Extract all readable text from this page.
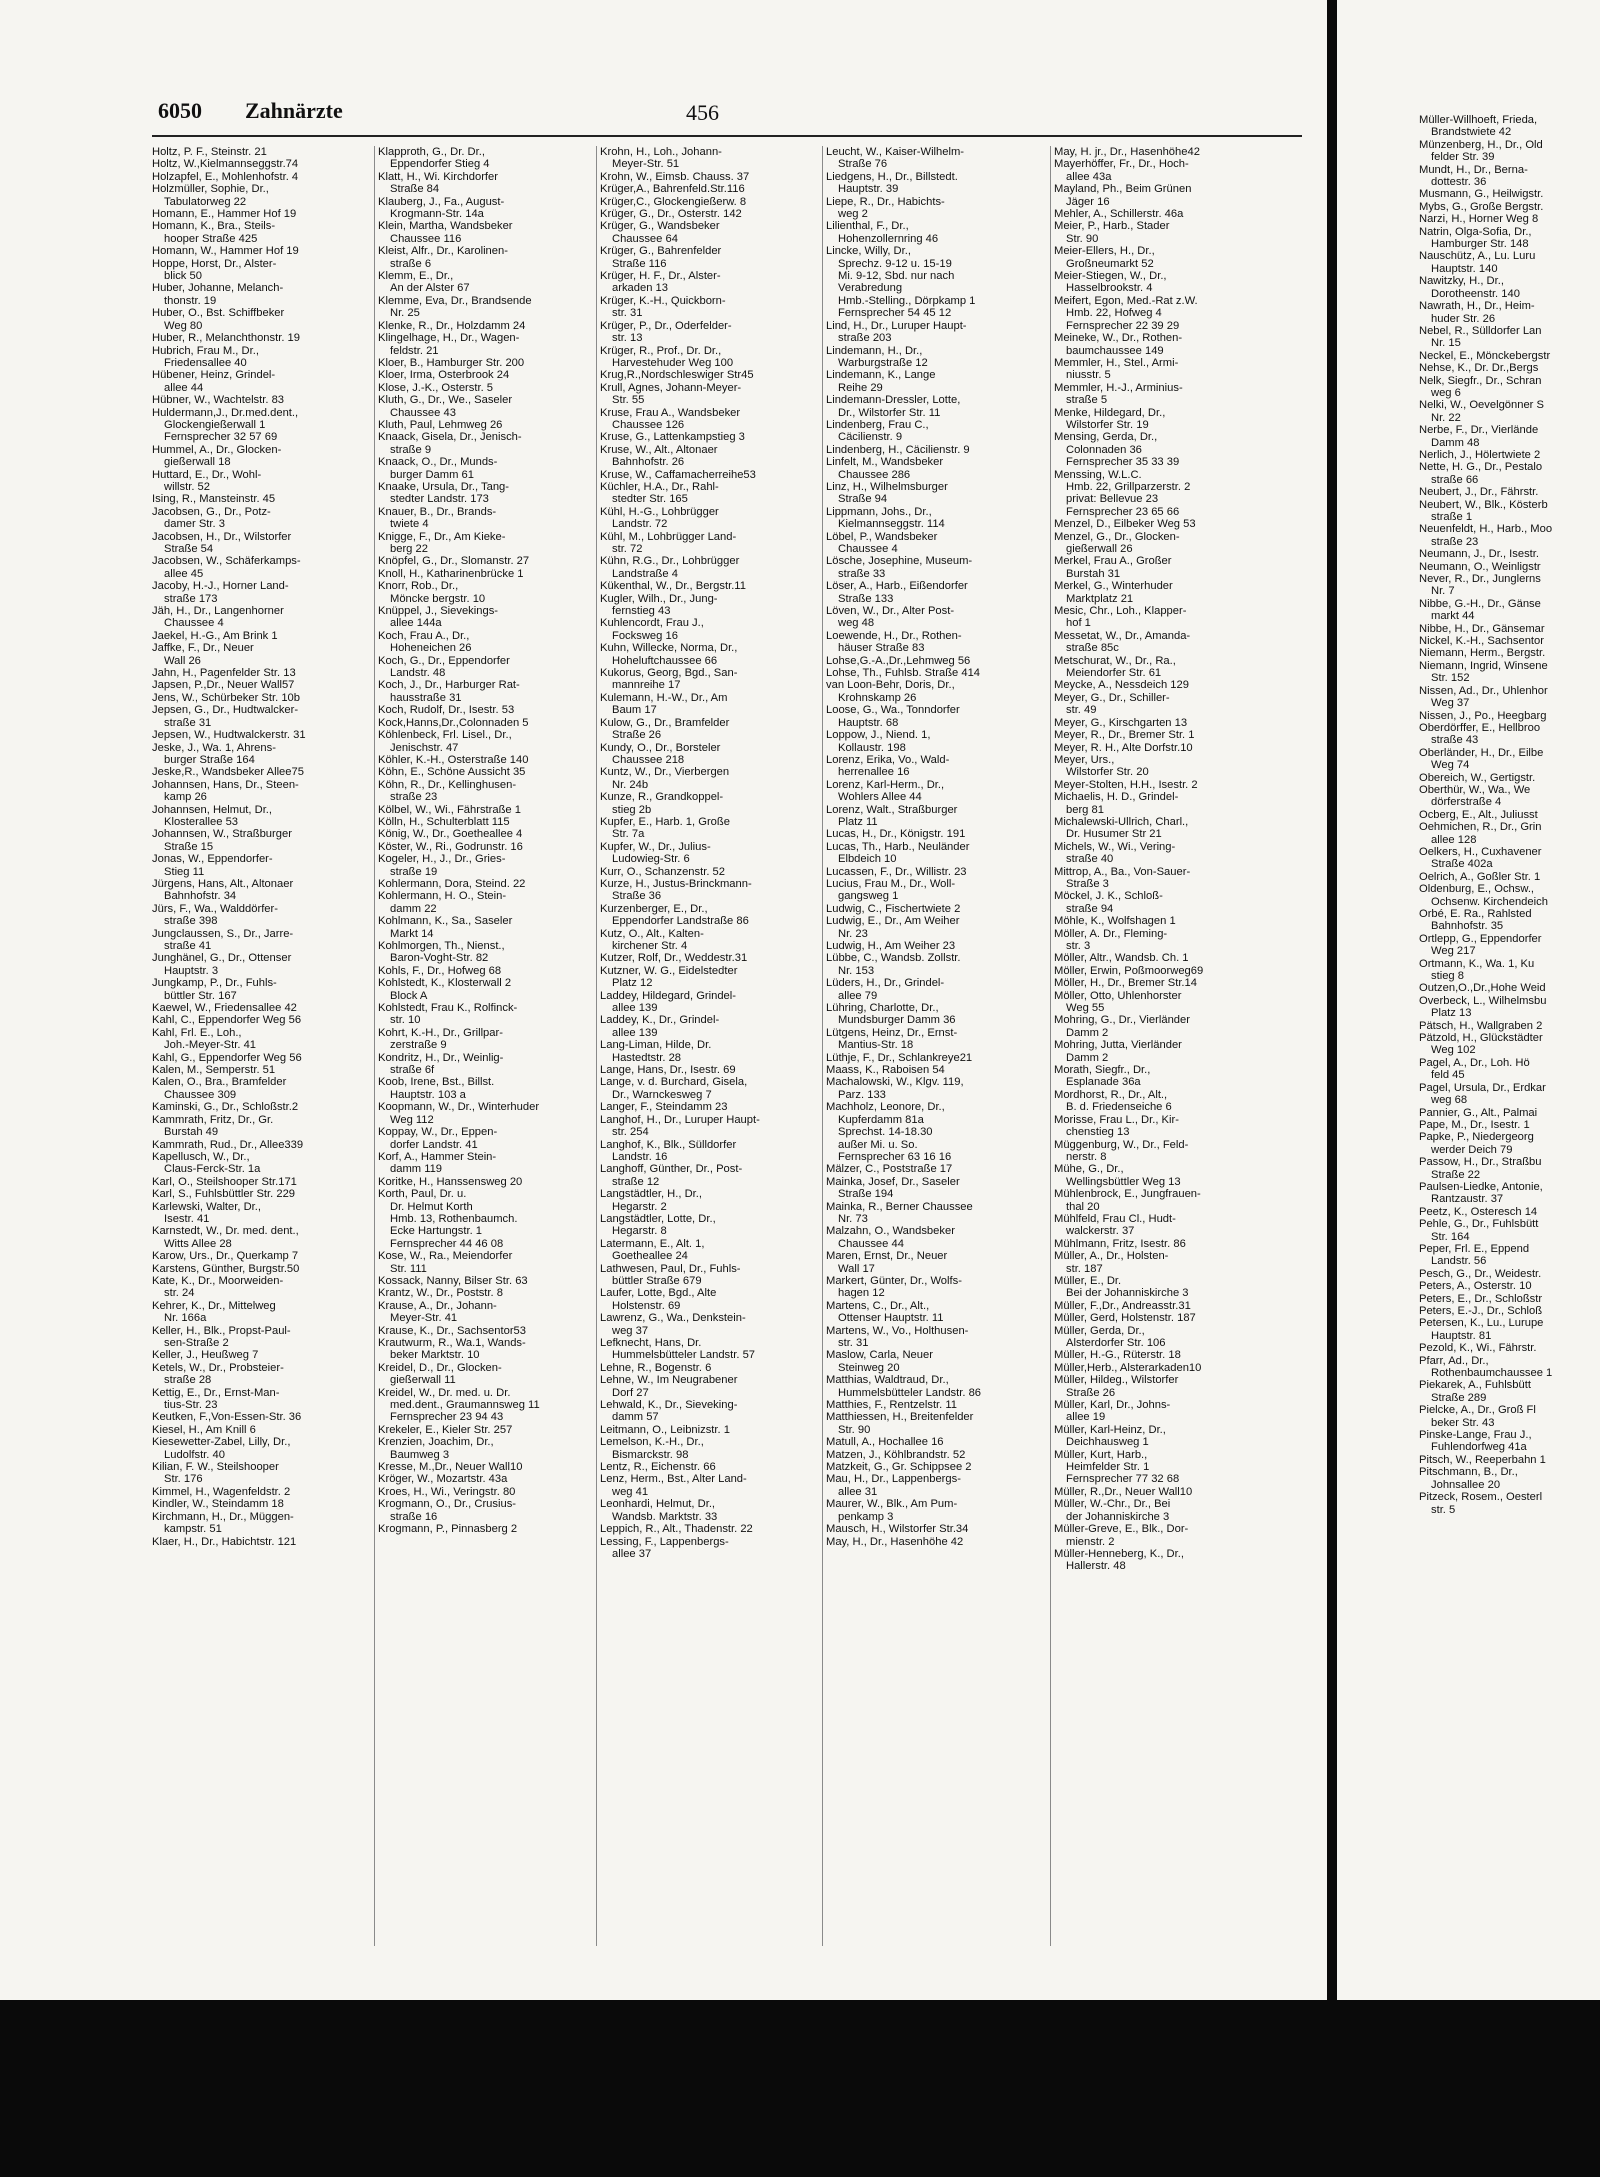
6050 Zahnärzte	456
Holtz, P. F., Steinstr. 21
Holtz, W.,Kielmannseggstr.74
Holzapfel, E., Mohlenhofstr. 4
Holzmüller, Sophie, Dr.,
Tabulatorweg 22
Homann, E., Hammer Hof 19
Homann, K., Bra., Steils-
hooper Straße 425
Homann, W., Hammer Hof 19
Hoppe, Horst, Dr., Alster-
blick 50
Huber, Johanne, Melanch-
thonstr. 19
Huber, O., Bst. Schiffbeker
Weg 80
Huber, R., Melanchthonstr. 19
Hubrich, Frau M., Dr.,
Friedensallee 40
Hübener, Heinz, Grindel-
allee 44
Hübner, W., Wachtelstr. 83
Huldermann,J., Dr.med.dent.,
Glockengießerwall 1
Fernsprecher 32 57 69
Hummel, A., Dr., Glocken-
gießerwall 18
Huttard, E., Dr., Wohl-
willstr. 52
Ising, R., Mansteinstr. 45
Jacobsen, G., Dr., Potz-
damer Str. 3
Jacobsen, H., Dr., Wilstorfer
Straße 54
Jacobsen, W., Schäferkamps-
allee 45
Jacoby, H.-J., Horner Land-
straße 173
Jäh, H., Dr., Langenhorner
Chaussee 4
Jaekel, H.-G., Am Brink 1
Jaffke, F., Dr., Neuer
Wall 26
Jahn, H., Pagenfelder Str. 13
Japsen, P.,Dr., Neuer Wall57
Jens, W., Schürbeker Str. 10b
Jepsen, G., Dr., Hudtwalcker-
straße 31
Jepsen, W., Hudtwalckerstr. 31
Jeske, J., Wa. 1, Ahrens-
burger Straße 164
Jeske,R., Wandsbeker Allee75
Johannsen, Hans, Dr., Steen-
kamp 26
Johannsen, Helmut, Dr.,
Klosterallee 53
Johannsen, W., Straßburger
Straße 15
Jonas, W., Eppendorfer-
Stieg 11
Jürgens, Hans, Alt., Altonaer
Bahnhofstr. 34
Jürs, F., Wa., Walddörfer-
straße 398
Jungclaussen, S., Dr., Jarre-
straße 41
Junghänel, G., Dr., Ottenser
Hauptstr. 3
Jungkamp, P., Dr., Fuhls-
büttler Str. 167
Kaewel, W., Friedensallee 42
Kahl, C., Eppendorfer Weg 56
Kahl, Frl. E., Loh.,
Joh.-Meyer-Str. 41
Kahl, G., Eppendorfer Weg 56
Kalen, M., Semperstr. 51
Kalen, O., Bra., Bramfelder
Chaussee 309
Kaminski, G., Dr., Schloßstr.2
Kammrath, Fritz, Dr., Gr.
Burstah 49
Kammrath, Rud., Dr., Allee339
Kapellusch, W., Dr.,
Claus-Ferck-Str. 1a
Karl, O., Steilshooper Str.171
Karl, S., Fuhlsbüttler Str. 229
Karlewski, Walter, Dr.,
Isestr. 41
Karnstedt, W., Dr. med. dent.,
Witts Allee 28
Karow, Urs., Dr., Querkamp 7
Karstens, Günther, Burgstr.50
Kate, K., Dr., Moorweiden-
str. 24
Kehrer, K., Dr., Mittelweg
Nr. 166a
Keller, H., Blk., Propst-Paul-
sen-Straße 2
Keller, J., Heußweg 7
Ketels, W., Dr., Probsteier-
straße 28
Kettig, E., Dr., Ernst-Man-
tius-Str. 23
Keutken, F.,Von-Essen-Str. 36
Kiesel, H., Am Knill 6
Kiesewetter-Zabel, Lilly, Dr.,
Ludolfstr. 40
Kilian, F. W., Steilshooper
Str. 176
Kimmel, H., Wagenfeldstr. 2
Kindler, W., Steindamm 18
Kirchmann, H., Dr., Müggen-
kampstr. 51
Klaer, H., Dr., Habichtstr. 121
Klapproth, G., Dr. Dr.,
Eppendorfer Stieg 4
Klatt, H., Wi. Kirchdorfer
Straße 84
Klauberg, J., Fa., August-
Krogmann-Str. 14a
Klein, Martha, Wandsbeker
Chaussee 116
Kleist, Alfr., Dr., Karolinen-
straße 6
Klemm, E., Dr.,
An der Alster 67
Klemme, Eva, Dr., Brandsende
Nr. 25
Klenke, R., Dr., Holzdamm 24
Klingelhage, H., Dr., Wagen-
feldstr. 21
Kloer, B., Hamburger Str. 200
Kloer, Irma, Osterbrook 24
Klose, J.-K., Osterstr. 5
Kluth, G., Dr., We., Saseler
Chaussee 43
Kluth, Paul, Lehmweg 26
Knaack, Gisela, Dr., Jenisch-
straße 9
Knaack, O., Dr., Munds-
burger Damm 61
Knaake, Ursula, Dr., Tang-
stedter Landstr. 173
Knauer, B., Dr., Brands-
twiete 4
Knigge, F., Dr., Am Kieke-
berg 22
Knöpfel, G., Dr., Slomanstr. 27
Knoll, H., Katharinenbrücke 1
Knorr, Rob., Dr.,
Möncke bergstr. 10
Knüppel, J., Sievekings-
allee 144a
Koch, Frau A., Dr.,
Hoheneichen 26
Koch, G., Dr., Eppendorfer
Landstr. 48
Koch, J., Dr., Harburger Rat-
hausstraße 31
Koch, Rudolf, Dr., Isestr. 53
Kock,Hanns,Dr.,Colonnaden 5
Köhlenbeck, Frl. Lisel., Dr.,
Jenischstr. 47
Köhler, K.-H., Osterstraße 140
Köhn, E., Schöne Aussicht 35
Köhn, R., Dr., Kellinghusen-
straße 23
Kölbel, W., Wi., Fährstraße 1
Kölln, H., Schulterblatt 115
König, W., Dr., Goetheallee 4
Köster, W., Ri., Godrunstr. 16
Kogeler, H., J., Dr., Gries-
straße 19
Kohlermann, Dora, Steind. 22
Kohlermann, H. O., Stein-
damm 22
Kohlmann, K., Sa., Saseler
Markt 14
Kohlmorgen, Th., Nienst.,
Baron-Voght-Str. 82
Kohls, F., Dr., Hofweg 68
Kohlstedt, K., Klosterwall 2
Block A
Kohlstedt, Frau K., Rolfinck-
str. 10
Kohrt, K.-H., Dr., Grillpar-
zerstraße 9
Kondritz, H., Dr., Weinlig-
straße 6f
Koob, Irene, Bst., Billst.
Hauptstr. 103 a
Koopmann, W., Dr., Winterhuder
Weg 112
Koppay, W., Dr., Eppen-
dorfer Landstr. 41
Korf, A., Hammer Stein-
damm 119
Koritke, H., Hanssensweg 20
Korth, Paul, Dr. u.
Dr. Helmut Korth
Hmb. 13, Rothenbaumch.
Ecke Hartungstr. 1
Fernsprecher 44 46 08
Kose, W., Ra., Meiendorfer
Str. 111
Kossack, Nanny, Bilser Str. 63
Krantz, W., Dr., Poststr. 8
Krause, A., Dr., Johann-
Meyer-Str. 41
Krause, K., Dr., Sachsentor53
Krautwurm, R., Wa.1, Wands-
beker Marktstr. 10
Kreidel, D., Dr., Glocken-
gießerwall 11
Kreidel, W., Dr. med. u. Dr.
med.dent., Graumannsweg 11
Fernsprecher 23 94 43
Krekeler, E., Kieler Str. 257
Krenzien, Joachim, Dr.,
Baumweg 3
Kresse, M.,Dr., Neuer Wall10
Kröger, W., Mozartstr. 43a
Kroes, H., Wi., Veringstr. 80
Krogmann, O., Dr., Crusius-
straße 16
Krogmann, P., Pinnasberg 2
Krohn, H., Loh., Johann-
Meyer-Str. 51
Krohn, W., Eimsb. Chauss. 37
Krüger,A., Bahrenfeld.Str.116
Krüger,C., Glockengießerw. 8
Krüger, G., Dr., Osterstr. 142
Krüger, G., Wandsbeker
Chaussee 64
Krüger, G., Bahrenfelder
Straße 116
Krüger, H. F., Dr., Alster-
arkaden 13
Krüger, K.-H., Quickborn-
str. 31
Krüger, P., Dr., Oderfelder-
str. 13
Krüger, R., Prof., Dr. Dr.,
Harvestehuder Weg 100
Krug,R.,Nordschleswiger Str45
Krull, Agnes, Johann-Meyer-
Str. 55
Kruse, Frau A., Wandsbeker
Chaussee 126
Kruse, G., Lattenkampstieg 3
Kruse, W., Alt., Altonaer
Bahnhofstr. 26
Kruse, W., Caffamacherreihe53
Küchler, H.A., Dr., Rahl-
stedter Str. 165
Kühl, H.-G., Lohbrügger
Landstr. 72
Kühl, M., Lohbrügger Land-
str. 72
Kühn, R.G., Dr., Lohbrügger
Landstraße 4
Kükenthal, W., Dr., Bergstr.11
Kugler, Wilh., Dr., Jung-
fernstieg 43
Kuhlencordt, Frau J.,
Focksweg 16
Kuhn, Willecke, Norma, Dr.,
Hoheluftchaussee 66
Kukorus, Georg, Bgd., San-
mannreihe 17
Kulemann, H.-W., Dr., Am
Baum 17
Kulow, G., Dr., Bramfelder
Straße 26
Kundy, O., Dr., Borsteler
Chaussee 218
Kuntz, W., Dr., Vierbergen
Nr. 24b
Kunze, R., Grandkoppel-
stieg 2b
Kupfer, E., Harb. 1, Große
Str. 7a
Kupfer, W., Dr., Julius-
Ludowieg-Str. 6
Kurr, O., Schanzenstr. 52
Kurze, H., Justus-Brinckmann-
Straße 36
Kurzenberger, E., Dr.,
Eppendorfer Landstraße 86
Kutz, O., Alt., Kalten-
kirchener Str. 4
Kutzer, Rolf, Dr., Weddestr.31
Kutzner, W. G., Eidelstedter
Platz 12
Laddey, Hildegard, Grindel-
allee 139
Laddey, K., Dr., Grindel-
allee 139
Lang-Liman, Hilde, Dr.
Hastedtstr. 28
Lange, Hans, Dr., Isestr. 69
Lange, v. d. Burchard, Gisela,
Dr., Warnckesweg 7
Langer, F., Steindamm 23
Langhof, H., Dr., Luruper Haupt-
str. 254
Langhof, K., Blk., Sülldorfer
Landstr. 16
Langhoff, Günther, Dr., Post-
straße 12
Langstädtler, H., Dr.,
Hegarstr. 2
Langstädtler, Lotte, Dr.,
Hegarstr. 8
Latermann, E., Alt. 1,
Goetheallee 24
Lathwesen, Paul, Dr., Fuhls-
büttler Straße 679
Laufer, Lotte, Bgd., Alte
Holstenstr. 69
Lawrenz, G., Wa., Denkstein-
weg 37
Lefknecht, Hans, Dr.
Hummelsbütteler Landstr. 57
Lehne, R., Bogenstr. 6
Lehne, W., Im Neugrabener
Dorf 27
Lehwald, K., Dr., Sieveking-
damm 57
Leitmann, O., Leibnizstr. 1
Lemelson, K.-H., Dr.,
Bismarckstr. 98
Lentz, R., Eichenstr. 66
Lenz, Herm., Bst., Alter Land-
weg 41
Leonhardi, Helmut, Dr.,
Wandsb. Marktstr. 33
Leppich, R., Alt., Thadenstr. 22
Lessing, F., Lappenbergs-
allee 37
Leucht, W., Kaiser-Wilhelm-
Straße 76
Liedgens, H., Dr., Billstedt.
Hauptstr. 39
Liepe, R., Dr., Habichts-
weg 2
Lilienthal, F., Dr.,
Hohenzollernring 46
Lincke, Willy, Dr.,
Sprechz. 9-12 u. 15-19
Mi. 9-12, Sbd. nur nach
Verabredung
Hmb.-Stelling., Dörpkamp 1
Fernsprecher 54 45 12
Lind, H., Dr., Luruper Haupt-
straße 203
Lindemann, H., Dr.,
Warburgstraße 12
Lindemann, K., Lange
Reihe 29
Lindemann-Dressler, Lotte,
Dr., Wilstorfer Str. 11
Lindenberg, Frau C.,
Cäcilienstr. 9
Lindenberg, H., Cäcilienstr. 9
Linfelt, M., Wandsbeker
Chaussee 286
Linz, H., Wilhelmsburger
Straße 94
Lippmann, Johs., Dr.,
Kielmannseggstr. 114
Löbel, P., Wandsbeker
Chaussee 4
Lösche, Josephine, Museum-
straße 33
Löser, A., Harb., Eißendorfer
Straße 133
Löven, W., Dr., Alter Post-
weg 48
Loewende, H., Dr., Rothen-
häuser Straße 83
Lohse,G.-A.,Dr.,Lehmweg 56
Lohse, Th., Fuhlsb. Straße 414
van Loon-Behr, Doris, Dr.,
Krohnskamp 26
Loose, G., Wa., Tonndorfer
Hauptstr. 68
Loppow, J., Niend. 1,
Kollaustr. 198
Lorenz, Erika, Vo., Wald-
herrenallee 16
Lorenz, Karl-Herm., Dr.,
Wohlers Allee 44
Lorenz, Walt., Straßburger
Platz 11
Lucas, H., Dr., Königstr. 191
Lucas, Th., Harb., Neuländer
Elbdeich 10
Lucassen, F., Dr., Willistr. 23
Lucius, Frau M., Dr., Woll-
gangsweg 1
Ludwig, C., Fischertwiete 2
Ludwig, E., Dr., Am Weiher
Nr. 23
Ludwig, H., Am Weiher 23
Lübbe, C., Wandsb. Zollstr.
Nr. 153
Lüders, H., Dr., Grindel-
allee 79
Lühring, Charlotte, Dr.,
Mundsburger Damm 36
Lütgens, Heinz, Dr., Ernst-
Mantius-Str. 18
Lüthje, F., Dr., Schlankreye21
Maass, K., Raboisen 54
Machalowski, W., Klgv. 119,
Parz. 133
Machholz, Leonore, Dr.,
Kupferdamm 81a
Sprechst. 14-18.30
außer Mi. u. So.
Fernsprecher 63 16 16
Mälzer, C., Poststraße 17
Mainka, Josef, Dr., Saseler
Straße 194
Mainka, R., Berner Chaussee
Nr. 73
Malzahn, O., Wandsbeker
Chaussee 44
Maren, Ernst, Dr., Neuer
Wall 17
Markert, Günter, Dr., Wolfs-
hagen 12
Martens, C., Dr., Alt.,
Ottenser Hauptstr. 11
Martens, W., Vo., Holthusen-
str. 31
Maslow, Carla, Neuer
Steinweg 20
Matthias, Waldtraud, Dr.,
Hummelsbütteler Landstr. 86
Matthies, F., Rentzelstr. 11
Matthiessen, H., Breitenfelder
Str. 90
Matull, A., Hochallee 16
Matzen, J., Köhlbrandstr. 52
Matzkeit, G., Gr. Schippsee 2
Mau, H., Dr., Lappenbergs-
allee 31
Maurer, W., Blk., Am Pum-
penkamp 3
Mausch, H., Wilstorfer Str.34
May, H., Dr., Hasenhöhe 42
May, H. jr., Dr., Hasenhöhe42
Mayerhöffer, Fr., Dr., Hoch-
allee 43a
Mayland, Ph., Beim Grünen
Jäger 16
Mehler, A., Schillerstr. 46a
Meier, P., Harb., Stader
Str. 90
Meier-Ellers, H., Dr.,
Großneumarkt 52
Meier-Stiegen, W., Dr.,
Hasselbrookstr. 4
Meifert, Egon, Med.-Rat z.W.
Hmb. 22, Hofweg 4
Fernsprecher 22 39 29
Meineke, W., Dr., Rothen-
baumchaussee 149
Memmler, H., Stel., Armi-
niusstr. 5
Memmler, H.-J., Arminius-
straße 5
Menke, Hildegard, Dr.,
Wilstorfer Str. 19
Mensing, Gerda, Dr.,
Colonnaden 36
Fernsprecher 35 33 39
Menssing, W.L.C.
Hmb. 22, Grillparzerstr. 2
privat: Bellevue 23
Fernsprecher 23 65 66
Menzel, D., Eilbeker Weg 53
Menzel, G., Dr., Glocken-
gießerwall 26
Merkel, Frau A., Großer
Burstah 31
Merkel, G., Winterhuder
Marktplatz 21
Mesic, Chr., Loh., Klapper-
hof 1
Messetat, W., Dr., Amanda-
straße 85c
Metschurat, W., Dr., Ra.,
Meiendorfer Str. 61
Meycke, A., Nessdeich 129
Meyer, G., Dr., Schiller-
str. 49
Meyer, G., Kirschgarten 13
Meyer, R., Dr., Bremer Str. 1
Meyer, R. H., Alte Dorfstr.10
Meyer, Urs.,
Wilstorfer Str. 20
Meyer-Stolten, H.H., Isestr. 2
Michaelis, H. D., Grindel-
berg 81
Michalewski-Ullrich, Charl.,
Dr. Husumer Str 21
Michels, W., Wi., Vering-
straße 40
Mittrop, A., Ba., Von-Sauer-
Straße 3
Möckel, J. K., Schloß-
straße 94
Möhle, K., Wolfshagen 1
Möller, A. Dr., Fleming-
str. 3
Möller, Altr., Wandsb. Ch. 1
Möller, Erwin, Poßmoorweg69
Möller, H., Dr., Bremer Str.14
Möller, Otto, Uhlenhorster
Weg 55
Mohring, G., Dr., Vierländer
Damm 2
Mohring, Jutta, Vierländer
Damm 2
Morath, Siegfr., Dr.,
Esplanade 36a
Mordhorst, R., Dr., Alt.,
B. d. Friedenseiche 6
Morisse, Frau L., Dr., Kir-
chenstieg 13
Müggenburg, W., Dr., Feld-
nerstr. 8
Mühe, G., Dr.,
Wellingsbüttler Weg 13
Mühlenbrock, E., Jungfrauen-
thal 20
Mühlfeld, Frau Cl., Hudt-
walckerstr. 37
Mühlmann, Fritz, Isestr. 86
Müller, A., Dr., Holsten-
str. 187
Müller, E., Dr.
Bei der Johanniskirche 3
Müller, F.,Dr., Andreasstr.31
Müller, Gerd, Holstenstr. 187
Müller, Gerda, Dr.,
Alsterdorfer Str. 106
Müller, H.-G., Rüterstr. 18
Müller,Herb., Alsterarkaden10
Müller, Hildeg., Wilstorfer
Straße 26
Müller, Karl, Dr., Johns-
allee 19
Müller, Karl-Heinz, Dr.,
Deichhausweg 1
Müller, Kurt, Harb.,
Heimfelder Str. 1
Fernsprecher 77 32 68
Müller, R.,Dr., Neuer Wall10
Müller, W.-Chr., Dr., Bei
der Johanniskirche 3
Müller-Greve, E., Blk., Dor-
mienstr. 2
Müller-Henneberg, K., Dr.,
Hallerstr. 48
Müller-Willhoeft, Frieda,
Brandstwiete 42
Münzenberg, H., Dr., Old
felder Str. 39
Mundt, H., Dr., Berna-
dottestr. 36
Musmann, G., Heilwigstr.
Mybs, G., Große Bergstr.
Narzi, H., Horner Weg 8
Natrin, Olga-Sofia, Dr.,
Hamburger Str. 148
Nauschütz, A., Lu. Luru
Hauptstr. 140
Nawitzky, H., Dr.,
Dorotheenstr. 140
Nawrath, H., Dr., Heim-
huder Str. 26
Nebel, R., Sülldorfer Lan
Nr. 15
Neckel, E., Mönckebergstr
Nehse, K., Dr. Dr.,Bergs
Nelk, Siegfr., Dr., Schran
weg 6
Nelki, W., Oevelgönner S
Nr. 22
Nerbe, F., Dr., Vierlände
Damm 48
Nerlich, J., Hölertwiete 2
Nette, H. G., Dr., Pestalo
straße 66
Neubert, J., Dr., Fährstr.
Neubert, W., Blk., Kösterb
straße 1
Neuenfeldt, H., Harb., Moo
straße 23
Neumann, J., Dr., Isestr.
Neumann, O., Weinligstr
Never, R., Dr., Junglerns
Nr. 7
Nibbe, G.-H., Dr., Gänse
markt 44
Nibbe, H., Dr., Gänsemar
Nickel, K.-H., Sachsentor
Niemann, Herm., Bergstr.
Niemann, Ingrid, Winsene
Str. 152
Nissen, Ad., Dr., Uhlenhor
Weg 37
Nissen, J., Po., Heegbarg
Oberdörffer, E., Hellbroo
straße 43
Oberländer, H., Dr., Eilbe
Weg 74
Obereich, W., Gertigstr.
Oberthür, W., Wa., We
dörferstraße 4
Ocberg, E., Alt., Juliusst
Oehmichen, R., Dr., Grin
allee 128
Oelkers, H., Cuxhavener
Straße 402a
Oelrich, A., Goßler Str. 1
Oldenburg, E., Ochsw.,
Ochsenw. Kirchendeich
Orbé, E. Ra., Rahlsted
Bahnhofstr. 35
Ortlepp, G., Eppendorfer
Weg 217
Ortmann, K., Wa. 1, Ku
stieg 8
Outzen,O.,Dr.,Hohe Weid
Overbeck, L., Wilhelmsbu
Platz 13
Pätsch, H., Wallgraben 2
Pätzold, H., Glückstädter
Weg 102
Pagel, A., Dr., Loh. Hö
feld 45
Pagel, Ursula, Dr., Erdkar
weg 68
Pannier, G., Alt., Palmai
Pape, M., Dr., Isestr. 1
Papke, P., Niedergeorg
werder Deich 79
Passow, H., Dr., Straßbu
Straße 22
Paulsen-Liedke, Antonie,
Rantzaustr. 37
Peetz, K., Osteresch 14
Pehle, G., Dr., Fuhlsbütt
Str. 164
Peper, Frl. E., Eppend
Landstr. 56
Pesch, G., Dr., Weidestr.
Peters, A., Osterstr. 10
Peters, E., Dr., Schloßstr
Peters, E.-J., Dr., Schloß
Petersen, K., Lu., Lurupe
Hauptstr. 81
Pezold, K., Wi., Fährstr.
Pfarr, Ad., Dr.,
Rothenbaumchaussee 1
Piekarek, A., Fuhlsbütt
Straße 289
Pielcke, A., Dr., Groß Fl
beker Str. 43
Pinske-Lange, Frau J.,
Fuhlendorfweg 41a
Pitsch, W., Reeperbahn 1
Pitschmann, B., Dr.,
Johnsallee 20
Pitzeck, Rosem., Oesterl
str. 5
